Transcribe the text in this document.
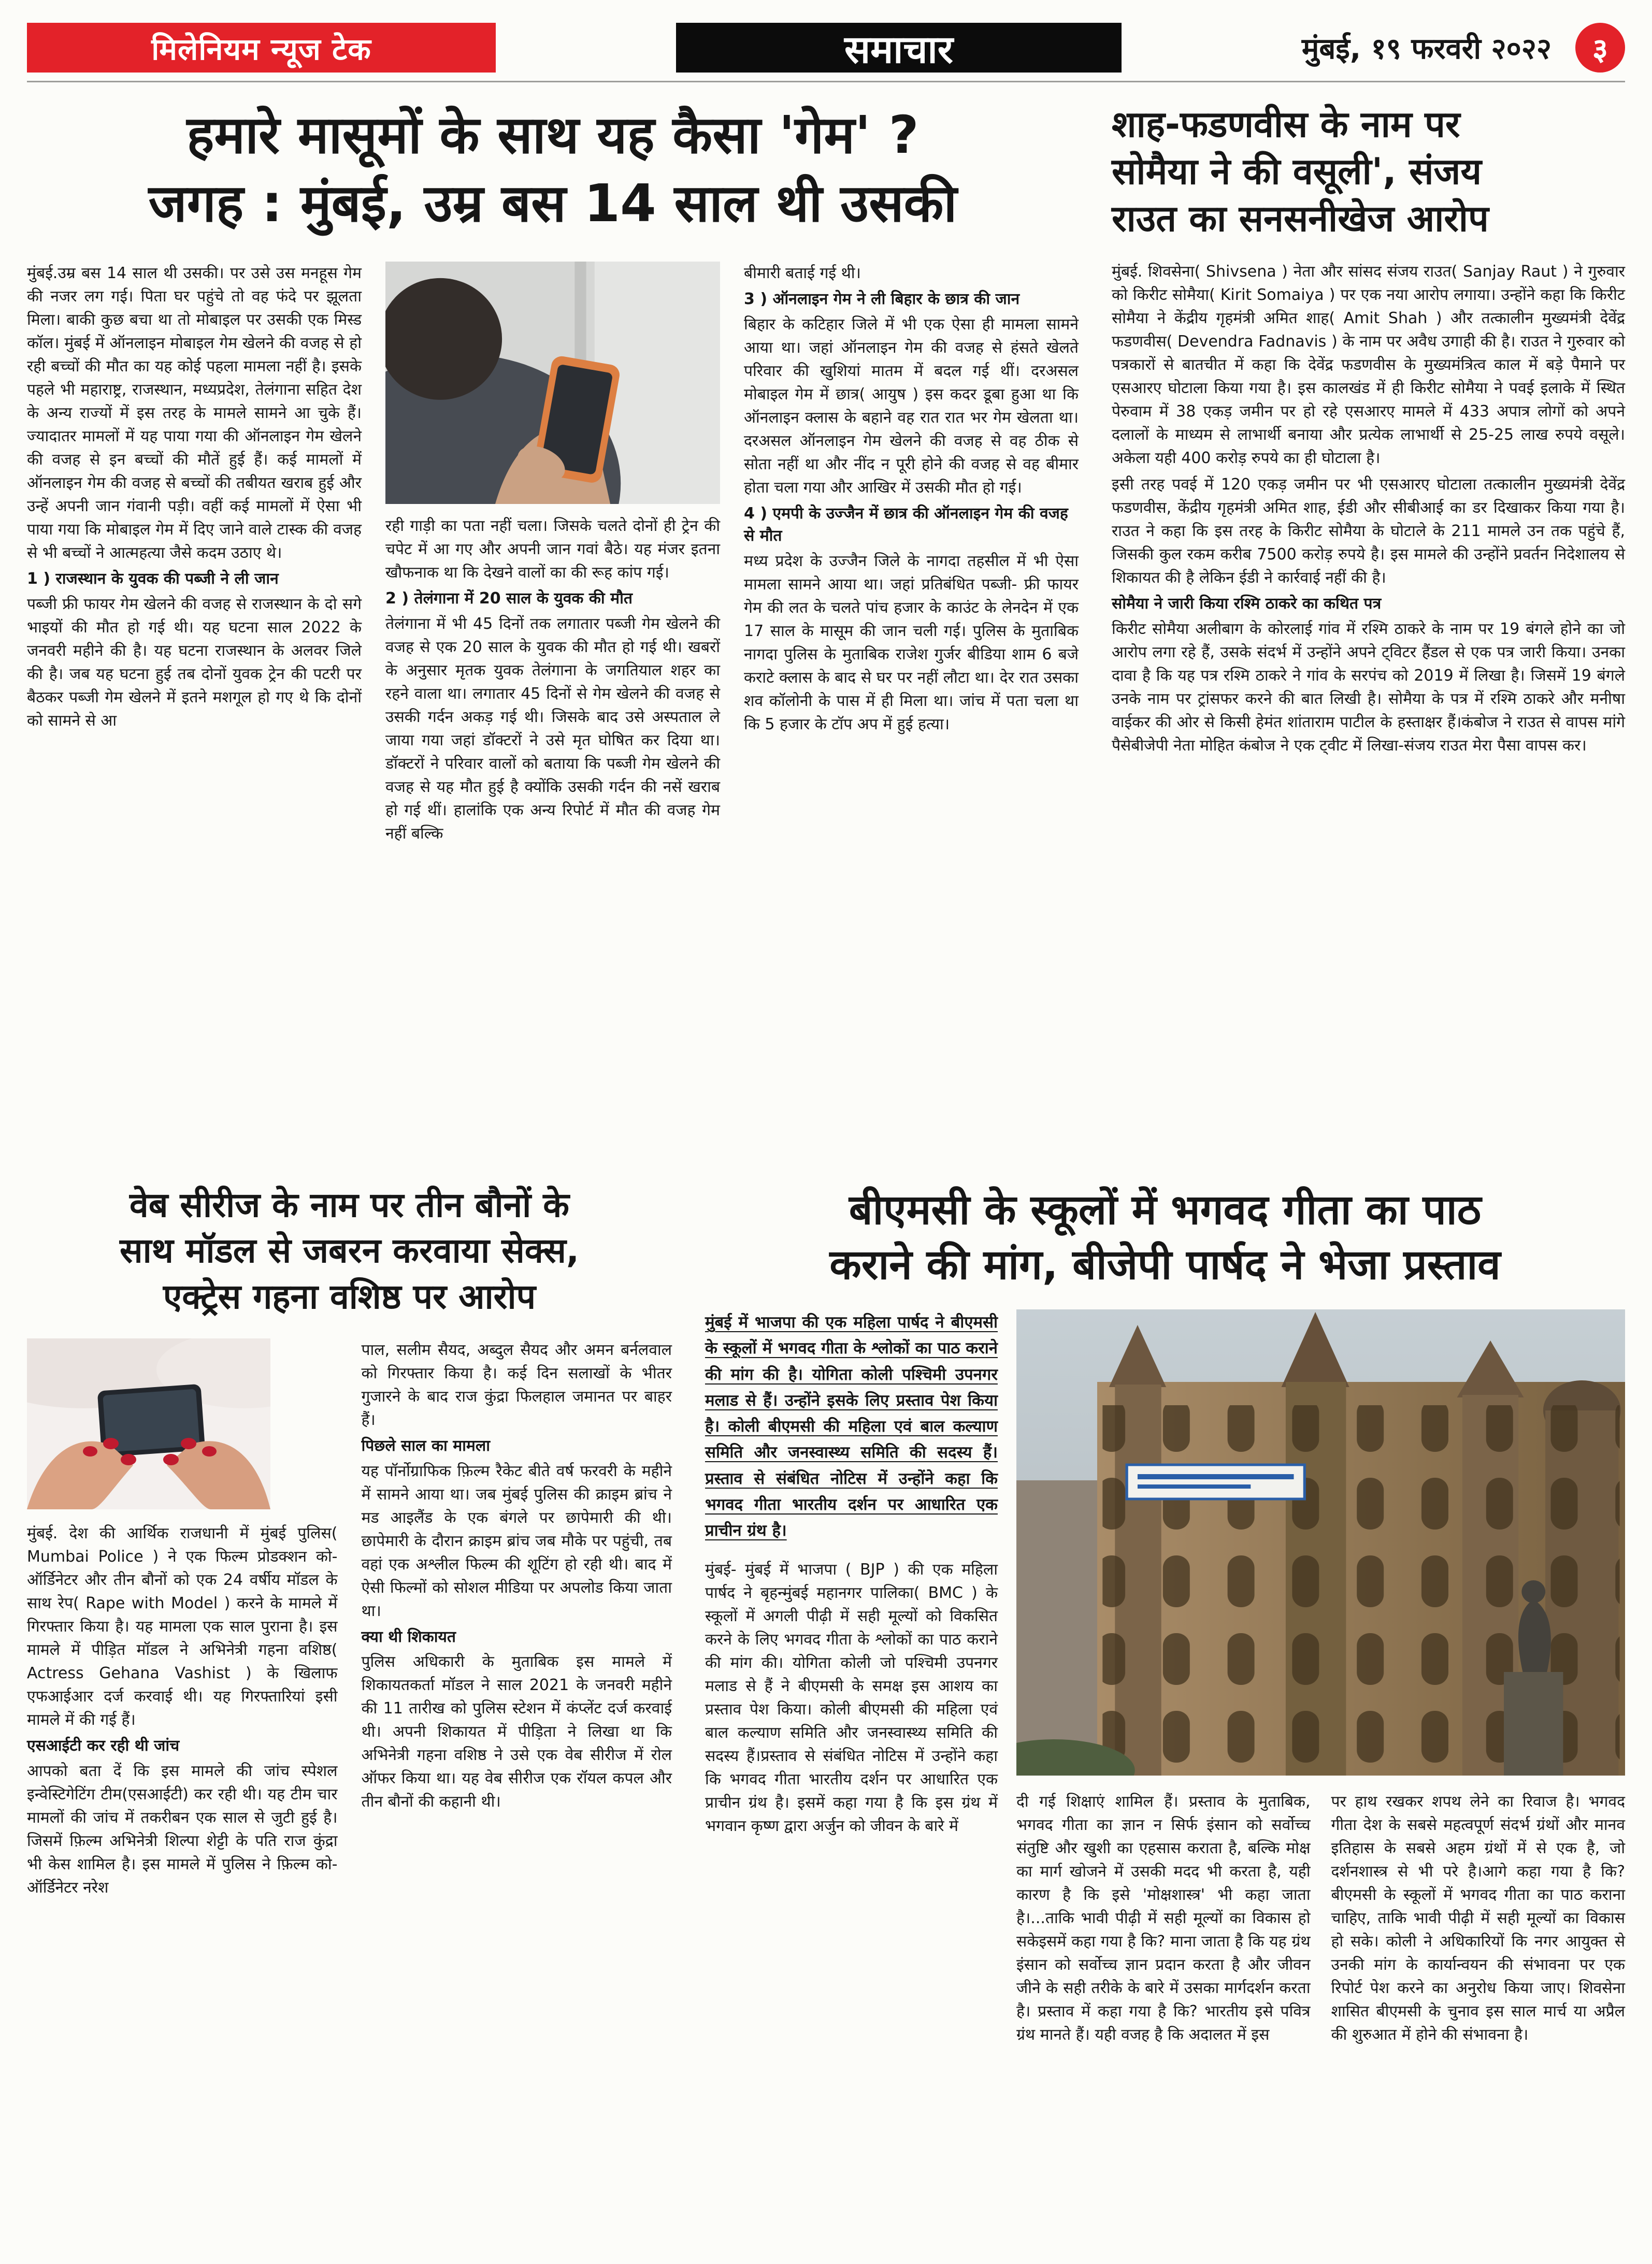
मिलेनियम न्यूज टेक	समाचार	मुंबई, १९ फरवरी २०२२	३
हमारे मासूमों के साथ यह कैसा 'गेम' ?
जगह : मुंबई, उम्र बस 14 साल थी उसकी

मुंबई.उम्र बस 14 साल थी उसकी। पर उसे उस मनहूस गेम की नजर लग गई। पिता घर पहुंचे तो वह फंदे पर झूलता मिला। बाकी कुछ बचा था तो मोबाइल पर उसकी एक मिस्ड कॉल। मुंबई में ऑनलाइन मोबाइल गेम खेलने की वजह से हो रही बच्चों की मौत का यह कोई पहला मामला नहीं है। इसके पहले भी महाराष्ट्र, राजस्थान, मध्यप्रदेश, तेलंगाना सहित देश के अन्य राज्यों में इस तरह के मामले सामने आ चुके हैं। ज्यादातर मामलों में यह पाया गया की ऑनलाइन गेम खेलने की वजह से इन बच्चों की मौतें हुई हैं। कई मामलों में ऑनलाइन गेम की वजह से बच्चों की तबीयत खराब हुई और उन्हें अपनी जान गंवानी पड़ी। वहीं कई मामलों में ऐसा भी पाया गया कि मोबाइल गेम में दिए जाने वाले टास्क की वजह से भी बच्चों ने आत्महत्या जैसे कदम उठाए थे।

1 ) राजस्थान के युवक की पब्जी ने ली जान

पब्जी फ्री फायर गेम खेलने की वजह से राजस्थान के दो सगे भाइयों की मौत हो गई थी। यह घटना साल 2022 के जनवरी महीने की है। यह घटना राजस्थान के अलवर जिले की है। जब यह घटना हुई तब दोनों युवक ट्रेन की पटरी पर बैठकर पब्जी गेम खेलने में इतने मशगूल हो गए थे कि दोनों को सामने से आ

रही गाड़ी का पता नहीं चला। जिसके चलते दोनों ही ट्रेन की चपेट में आ गए और अपनी जान गवां बैठे। यह मंजर इतना खौफनाक था कि देखने वालों का की रूह कांप गई।

2 ) तेलंगाना में 20 साल के युवक की मौत

तेलंगाना में भी 45 दिनों तक लगातार पब्जी गेम खेलने की वजह से एक 20 साल के युवक की मौत हो गई थी। खबरों के अनुसार मृतक युवक तेलंगाना के जगतियाल शहर का रहने वाला था। लगातार 45 दिनों से गेम खेलने की वजह से उसकी गर्दन अकड़ गई थी। जिसके बाद उसे अस्पताल ले जाया गया जहां डॉक्टरों ने उसे मृत घोषित कर दिया था। डॉक्टरों ने परिवार वालों को बताया कि पब्जी गेम खेलने की वजह से यह मौत हुई है क्योंकि उसकी गर्दन की नसें खराब हो गई थीं। हालांकि एक अन्य रिपोर्ट में मौत की वजह गेम नहीं बल्कि

बीमारी बताई गई थी।

3 ) ऑनलाइन गेम ने ली बिहार के छात्र की जान

बिहार के कटिहार जिले में भी एक ऐसा ही मामला सामने आया था। जहां ऑनलाइन गेम की वजह से हंसते खेलते परिवार की खुशियां मातम में बदल गई थीं। दरअसल मोबाइल गेम में छात्र( आयुष ) इस कदर डूबा हुआ था कि ऑनलाइन क्लास के बहाने वह रात रात भर गेम खेलता था। दरअसल ऑनलाइन गेम खेलने की वजह से वह ठीक से सोता नहीं था और नींद न पूरी होने की वजह से वह बीमार होता चला गया और आखिर में उसकी मौत हो गई।

4 ) एमपी के उज्जैन में छात्र की ऑनलाइन गेम की वजह से मौत

मध्य प्रदेश के उज्जैन जिले के नागदा तहसील में भी ऐसा मामला सामने आया था। जहां प्रतिबंधित पब्जी- फ्री फायर गेम की लत के चलते पांच हजार के काउंट के लेनदेन में एक 17 साल के मासूम की जान चली गई। पुलिस के मुताबिक नागदा पुलिस के मुताबिक राजेश गुर्जर बीडिया शाम 6 बजे कराटे क्लास के बाद से घर पर नहीं लौटा था। देर रात उसका शव कॉलोनी के पास में ही मिला था। जांच में पता चला था कि 5 हजार के टॉप अप में हुई हत्या।

शाह-फडणवीस के नाम पर
सोमैया ने की वसूली', संजय
राउत का सनसनीखेज आरोप

मुंबई. शिवसेना( Shivsena ) नेता और सांसद संजय राउत( Sanjay Raut ) ने गुरुवार को किरीट सोमैया( Kirit Somaiya ) पर एक नया आरोप लगाया। उन्होंने कहा कि किरीट सोमैया ने केंद्रीय गृहमंत्री अमित शाह( Amit Shah ) और तत्कालीन मुख्यमंत्री देवेंद्र फडणवीस( Devendra Fadnavis ) के नाम पर अवैध उगाही की है। राउत ने गुरुवार को पत्रकारों से बातचीत में कहा कि देवेंद्र फडणवीस के मुख्यमंत्रित्व काल में बड़े पैमाने पर एसआरए घोटाला किया गया है। इस कालखंड में ही किरीट सोमैया ने पवई इलाके में स्थित पेरुवाम में 38 एकड़ जमीन पर हो रहे एसआरए मामले में 433 अपात्र लोगों को अपने दलालों के माध्यम से लाभार्थी बनाया और प्रत्येक लाभार्थी से 25-25 लाख रुपये वसूले। अकेला यही 400 करोड़ रुपये का ही घोटाला है।

इसी तरह पवई में 120 एकड़ जमीन पर भी एसआरए घोटाला तत्कालीन मुख्यमंत्री देवेंद्र फडणवीस, केंद्रीय गृहमंत्री अमित शाह, ईडी और सीबीआई का डर दिखाकर किया गया है। राउत ने कहा कि इस तरह के किरीट सोमैया के घोटाले के 211 मामले उन तक पहुंचे हैं, जिसकी कुल रकम करीब 7500 करोड़ रुपये है। इस मामले की उन्होंने प्रवर्तन निदेशालय से शिकायत की है लेकिन ईडी ने कार्रवाई नहीं की है।

सोमैया ने जारी किया रश्मि ठाकरे का कथित पत्र

किरीट सोमैया अलीबाग के कोरलाई गांव में रश्मि ठाकरे के नाम पर 19 बंगले होने का जो आरोप लगा रहे हैं, उसके संदर्भ में उन्होंने अपने ट्विटर हैंडल से एक पत्र जारी किया। उनका दावा है कि यह पत्र रश्मि ठाकरे ने गांव के सरपंच को 2019 में लिखा है। जिसमें 19 बंगले उनके नाम पर ट्रांसफर करने की बात लिखी है। सोमैया के पत्र में रश्मि ठाकरे और मनीषा वाईकर की ओर से किसी हेमंत शांताराम पाटील के हस्ताक्षर हैं।कंबोज ने राउत से वापस मांगे पैसेबीजेपी नेता मोहित कंबोज ने एक ट्वीट में लिखा-संजय राउत मेरा पैसा वापस कर।

वेब सीरीज के नाम पर तीन बौनों के
साथ मॉडल से जबरन करवाया सेक्स,
एक्ट्रेस गहना वशिष्ठ पर आरोप

मुंबई. देश की आर्थिक राजधानी में मुंबई पुलिस( Mumbai Police ) ने एक फिल्म प्रोडक्शन को-ऑर्डिनेटर और तीन बौनों को एक 24 वर्षीय मॉडल के साथ रेप( Rape with Model ) करने के मामले में गिरफ्तार किया है। यह मामला एक साल पुराना है। इस मामले में पीड़ित मॉडल ने अभिनेत्री गहना वशिष्ठ( Actress Gehana Vashist ) के खिलाफ एफआईआर दर्ज करवाई थी। यह गिरफ्तारियां इसी मामले में की गई हैं।

एसआईटी कर रही थी जांच

आपको बता दें कि इस मामले की जांच स्पेशल इन्वेस्टिगेटिंग टीम(एसआईटी) कर रही थी। यह टीम चार मामलों की जांच में तकरीबन एक साल से जुटी हुई है। जिसमें फ़िल्म अभिनेत्री शिल्पा शेट्टी के पति राज कुंद्रा भी केस शामिल है। इस मामले में पुलिस ने फ़िल्म को-ऑर्डिनेटर नरेश

पाल, सलीम सैयद, अब्दुल सैयद और अमन बर्नलवाल को गिरफ्तार किया है। कई दिन सलाखों के भीतर गुजारने के बाद राज कुंद्रा फिलहाल जमानत पर बाहर हैं।

पिछले साल का मामला

यह पॉर्नोग्राफिक फ़िल्म रैकेट बीते वर्ष फरवरी के महीने में सामने आया था। जब मुंबई पुलिस की क्राइम ब्रांच ने मड आइलैंड के एक बंगले पर छापेमारी की थी। छापेमारी के दौरान क्राइम ब्रांच जब मौके पर पहुंची, तब वहां एक अश्लील फिल्म की शूटिंग हो रही थी। बाद में ऐसी फिल्मों को सोशल मीडिया पर अपलोड किया जाता था।

क्या थी शिकायत

पुलिस अधिकारी के मुताबिक इस मामले में शिकायतकर्ता मॉडल ने साल 2021 के जनवरी महीने की 11 तारीख को पुलिस स्टेशन में कंप्लेंट दर्ज करवाई थी। अपनी शिकायत में पीड़िता ने लिखा था कि अभिनेत्री गहना वशिष्ठ ने उसे एक वेब सीरीज में रोल ऑफर किया था। यह वेब सीरीज एक रॉयल कपल और तीन बौनों की कहानी थी।

बीएमसी के स्कूलों में भगवद गीता का पाठ
कराने की मांग, बीजेपी पार्षद ने भेजा प्रस्ताव
मुंबई में भाजपा की एक महिला पार्षद ने बीएमसी के स्कूलों में भगवद गीता के श्लोकों का पाठ कराने की मांग की है। योगिता कोली पश्चिमी उपनगर मलाड से हैं। उन्होंने इसके लिए प्रस्ताव पेश किया है। कोली बीएमसी की महिला एवं बाल कल्याण समिति और जनस्वास्थ्य समिति की सदस्य हैं। प्रस्ताव से संबंधित नोटिस में उन्होंने कहा कि भगवद गीता भारतीय दर्शन पर आधारित एक प्राचीन ग्रंथ है।

मुंबई- मुंबई में भाजपा ( BJP ) की एक महिला पार्षद ने बृहन्मुंबई महानगर पालिका( BMC ) के स्कूलों में अगली पीढ़ी में सही मूल्यों को विकसित करने के लिए भगवद गीता के श्लोकों का पाठ कराने की मांग की। योगिता कोली जो पश्चिमी उपनगर मलाड से हैं ने बीएमसी के समक्ष इस आशय का प्रस्ताव पेश किया। कोली बीएमसी की महिला एवं बाल कल्याण समिति और जनस्वास्थ्य समिति की सदस्य हैं।प्रस्ताव से संबंधित नोटिस में उन्होंने कहा कि भगवद गीता भारतीय दर्शन पर आधारित एक प्राचीन ग्रंथ है। इसमें कहा गया है कि इस ग्रंथ में भगवान कृष्ण द्वारा अर्जुन को जीवन के बारे में

दी गई शिक्षाएं शामिल हैं। प्रस्ताव के मुताबिक, भगवद गीता का ज्ञान न सिर्फ इंसान को सर्वोच्च संतुष्टि और खुशी का एहसास कराता है, बल्कि मोक्ष का मार्ग खोजने में उसकी मदद भी करता है, यही कारण है कि इसे 'मोक्षशास्त्र' भी कहा जाता है।...ताकि भावी पीढ़ी में सही मूल्यों का विकास हो सकेइसमें कहा गया है कि? माना जाता है कि यह ग्रंथ इंसान को सर्वोच्च ज्ञान प्रदान करता है और जीवन जीने के सही तरीके के बारे में उसका मार्गदर्शन करता है। प्रस्ताव में कहा गया है कि? भारतीय इसे पवित्र ग्रंथ मानते हैं। यही वजह है कि अदालत में इस

पर हाथ रखकर शपथ लेने का रिवाज है। भगवद गीता देश के सबसे महत्वपूर्ण संदर्भ ग्रंथों और मानव इतिहास के सबसे अहम ग्रंथों में से एक है, जो दर्शनशास्त्र से भी परे है।आगे कहा गया है कि? बीएमसी के स्कूलों में भगवद गीता का पाठ कराना चाहिए, ताकि भावी पीढ़ी में सही मूल्यों का विकास हो सके। कोली ने अधिकारियों कि नगर आयुक्त से उनकी मांग के कार्यान्वयन की संभावना पर एक रिपोर्ट पेश करने का अनुरोध किया जाए। शिवसेना शासित बीएमसी के चुनाव इस साल मार्च या अप्रैल की शुरुआत में होने की संभावना है।
